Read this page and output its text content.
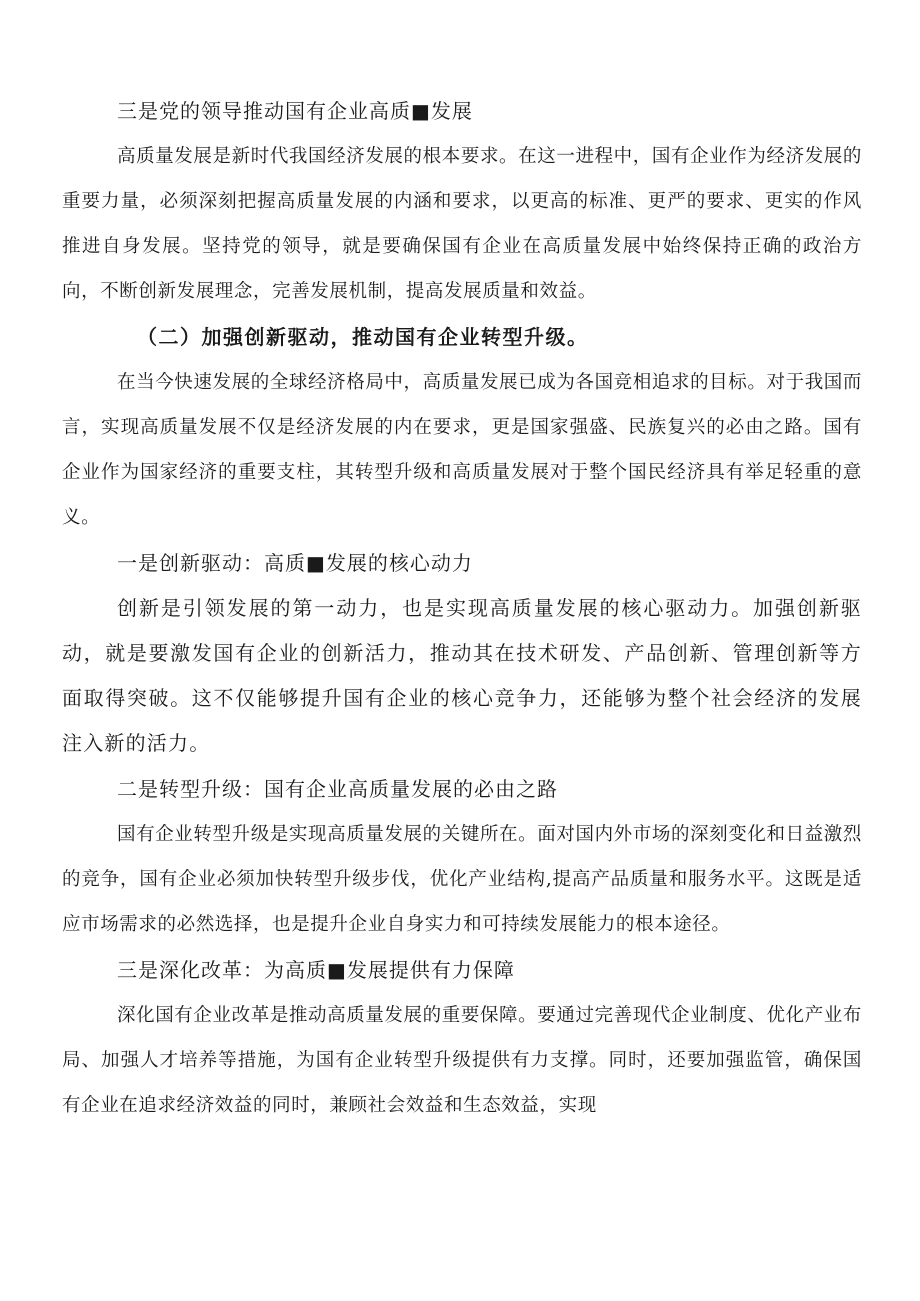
三是党的领导推动国有企业高质■发展

高质量发展是新时代我国经济发展的根本要求。在这一进程中，国有企业作为经济发展的重要力量，必须深刻把握高质量发展的内涵和要求，以更高的标准、更严的要求、更实的作风推进自身发展。坚持党的领导，就是要确保国有企业在高质量发展中始终保持正确的政治方向，不断创新发展理念，完善发展机制，提高发展质量和效益。

（二）加强创新驱动，推动国有企业转型升级。

在当今快速发展的全球经济格局中，高质量发展已成为各国竞相追求的目标。对于我国而言，实现高质量发展不仅是经济发展的内在要求，更是国家强盛、民族复兴的必由之路。国有企业作为国家经济的重要支柱，其转型升级和高质量发展对于整个国民经济具有举足轻重的意义。

一是创新驱动：高质■发展的核心动力

创新是引领发展的第一动力，也是实现高质量发展的核心驱动力。加强创新驱动，就是要激发国有企业的创新活力，推动其在技术研发、产品创新、管理创新等方面取得突破。这不仅能够提升国有企业的核心竞争力，还能够为整个社会经济的发展注入新的活力。

二是转型升级：国有企业高质量发展的必由之路

国有企业转型升级是实现高质量发展的关键所在。面对国内外市场的深刻变化和日益激烈的竞争，国有企业必须加快转型升级步伐，优化产业结构,提高产品质量和服务水平。这既是适应市场需求的必然选择，也是提升企业自身实力和可持续发展能力的根本途径。

三是深化改革：为高质■发展提供有力保障

深化国有企业改革是推动高质量发展的重要保障。要通过完善现代企业制度、优化产业布局、加强人才培养等措施，为国有企业转型升级提供有力支撑。同时，还要加强监管，确保国有企业在追求经济效益的同时，兼顾社会效益和生态效益，实现
